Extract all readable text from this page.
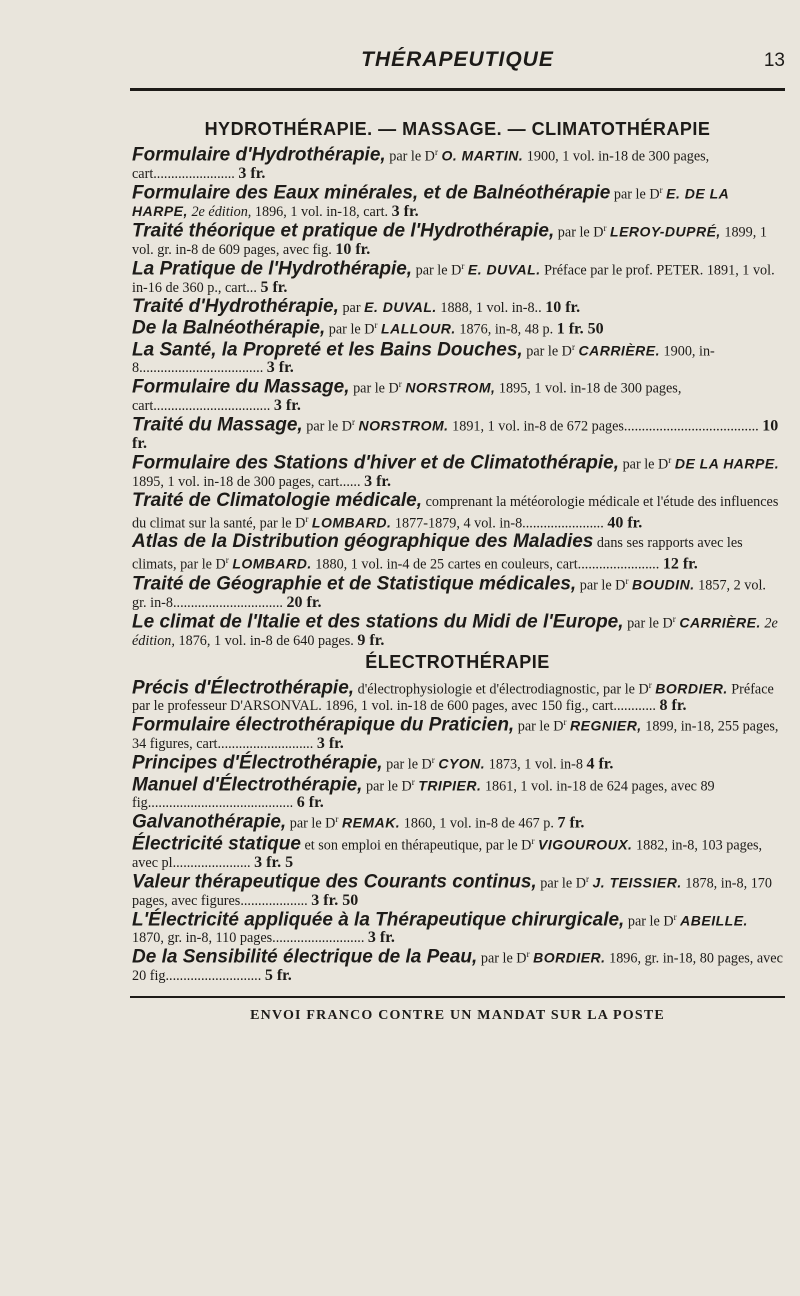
THÉRAPEUTIQUE	13
HYDROTHÉRAPIE. — MASSAGE. — CLIMATOTHÉRAPIE
Formulaire d'Hydrothérapie, par le $D^r$ O. MARTIN. 1900, 1 vol. in-18 de 300 pages, cart....................... 3 fr.
Formulaire des Eaux minérales, et de Balnéothérapie par le $D^r$ E. DE LA HARPE, 2e édition, 1896, 1 vol. in-18, cart. 3 fr.
Traité théorique et pratique de l'Hydrothérapie, par le $D^r$ LEROY-DUPRÉ, 1899, 1 vol. gr. in-8 de 609 pages, avec fig. 10 fr.
La Pratique de l'Hydrothérapie, par le $D^r$ E. DUVAL. Préface par le prof. PETER. 1891, 1 vol. in-16 de 360 p., cart... 5 fr.
Traité d'Hydrothérapie, par E. DUVAL. 1888, 1 vol. in-8.. 10 fr.
De la Balnéothérapie, par le $D^r$ LALLOUR. 1876, in-8, 48 p. 1 fr. 50
La Santé, la Propreté et les Bains Douches, par le $D^r$ CARRIÈRE. 1900, in-8................................... 3 fr.
Formulaire du Massage, par le $D^r$ NORSTROM, 1895, 1 vol. in-18 de 300 pages, cart................................. 3 fr.
Traité du Massage, par le $D^r$ NORSTROM. 1891, 1 vol. in-8 de 672 pages...................................... 10 fr.
Formulaire des Stations d'hiver et de Climatothérapie, par le $D^r$ DE LA HARPE. 1895, 1 vol. in-18 de 300 pages, cart...... 3 fr.
Traité de Climatologie médicale, comprenant la météorologie médicale et l'étude des influences du climat sur la santé, par le $D^r$ LOMBARD. 1877-1879, 4 vol. in-8....................... 40 fr.
Atlas de la Distribution géographique des Maladies dans ses rapports avec les climats, par le $D^r$ LOMBARD. 1880, 1 vol. in-4 de 25 cartes en couleurs, cart....................... 12 fr.
Traité de Géographie et de Statistique médicales, par le $D^r$ BOUDIN. 1857, 2 vol. gr. in-8............................... 20 fr.
Le climat de l'Italie et des stations du Midi de l'Europe, par le $D^r$ CARRIÈRE. 2e édition, 1876, 1 vol. in-8 de 640 pages. 9 fr.
ÉLECTROTHÉRAPIE
Précis d'Électrothérapie, d'électrophysiologie et d'électrodiagnostic, par le $D^r$ BORDIER. Préface par le professeur D'ARSONVAL. 1896, 1 vol. in-18 de 600 pages, avec 150 fig., cart............ 8 fr.
Formulaire électrothérapique du Praticien, par le $D^r$ REGNIER, 1899, in-18, 255 pages, 34 figures, cart........................... 3 fr.
Principes d'Électrothérapie, par le $D^r$ CYON. 1873, 1 vol. in-8 4 fr.
Manuel d'Électrothérapie, par le $D^r$ TRIPIER. 1861, 1 vol. in-18 de 624 pages, avec 89 fig......................................... 6 fr.
Galvanothérapie, par le $D^r$ REMAK. 1860, 1 vol. in-8 de 467 p. 7 fr.
Électricité statique et son emploi en thérapeutique, par le $D^r$ VIGOUROUX. 1882, in-8, 103 pages, avec pl...................... 3 fr. 5
Valeur thérapeutique des Courants continus, par le $D^r$ J. TEISSIER. 1878, in-8, 170 pages, avec figures................... 3 fr. 50
L'Électricité appliquée à la Thérapeutique chirurgicale, par le $D^r$ ABEILLE. 1870, gr. in-8, 110 pages.......................... 3 fr.
De la Sensibilité électrique de la Peau, par le $D^r$ BORDIER. 1896, gr. in-18, 80 pages, avec 20 fig........................... 5 fr.
ENVOI FRANCO CONTRE UN MANDAT SUR LA POSTE
